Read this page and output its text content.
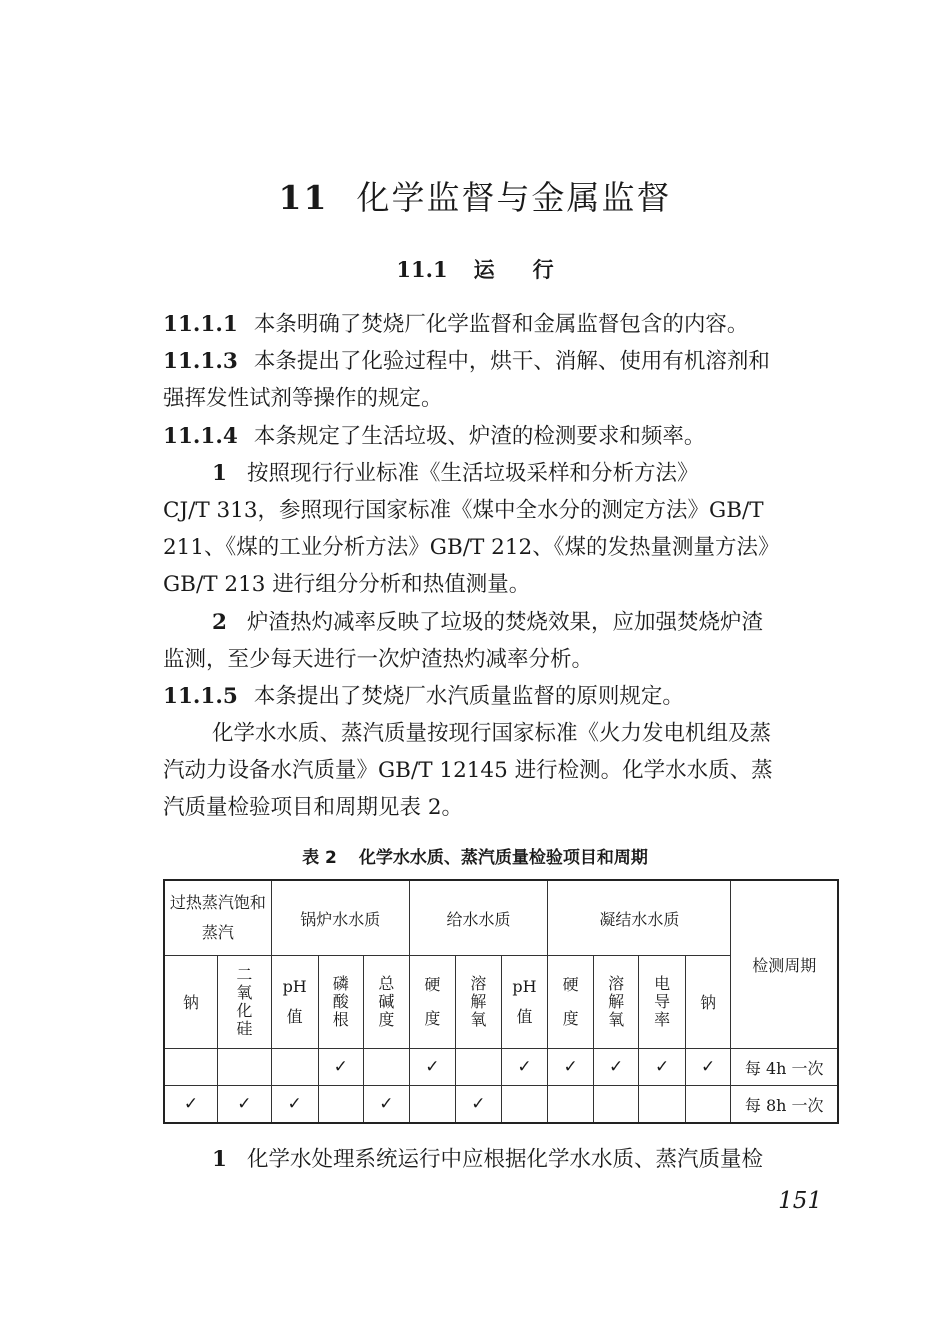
11 化学监督与金属监督
11.1 运 行
11.1.1 本条明确了焚烧厂化学监督和金属监督包含的内容。
11.1.3 本条提出了化验过程中，烘干、消解、使用有机溶剂和
强挥发性试剂等操作的规定。
11.1.4 本条规定了生活垃圾、炉渣的检测要求和频率。
1 按照现行行业标准《生活垃圾采样和分析方法》
CJ/T 313，参照现行国家标准《煤中全水分的测定方法》GB/T
211、《煤的工业分析方法》GB/T 212、《煤的发热量测量方法》
GB/T 213 进行组分分析和热值测量。
2 炉渣热灼减率反映了垃圾的焚烧效果，应加强焚烧炉渣
监测，至少每天进行一次炉渣热灼减率分析。
11.1.5 本条提出了焚烧厂水汽质量监督的原则规定。
化学水水质、蒸汽质量按现行国家标准《火力发电机组及蒸
汽动力设备水汽质量》GB/T 12145 进行检测。化学水水质、蒸
汽质量检验项目和周期见表 2。
表 2 化学水水质、蒸汽质量检验项目和周期
过热蒸汽饱和蒸汽		锅炉水水质			给水水质			凝结水水质				检测周期
钠	二氧化硅	pH值	磷酸根	总碱度	硬度	溶解氧	pH值	硬度	溶解氧	电导率	钠	
			✓		✓		✓	✓	✓	✓	✓	每 4h 一次
✓	✓	✓		✓		✓						每 8h 一次
1 化学水处理系统运行中应根据化学水水质、蒸汽质量检
151
